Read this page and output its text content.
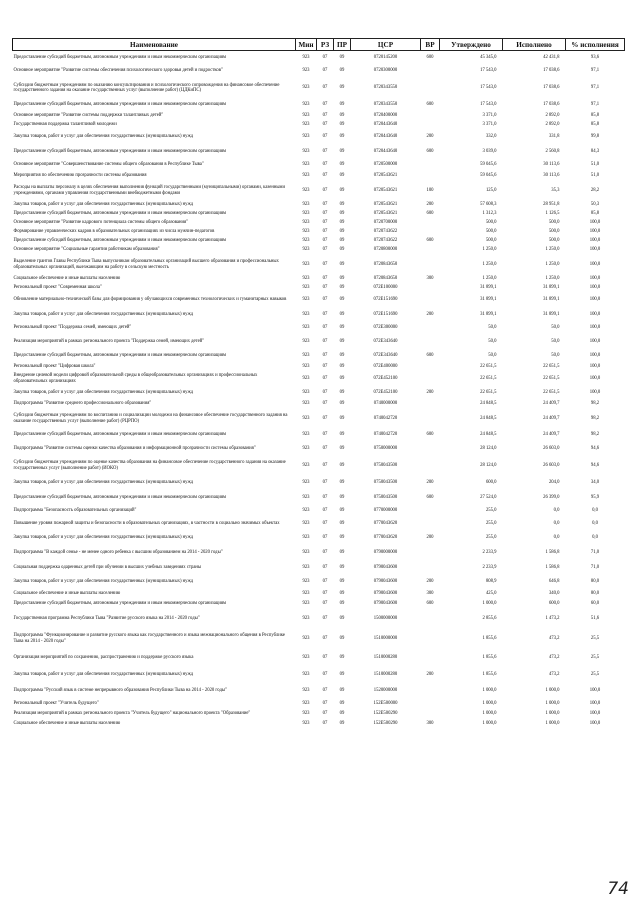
Наименование	Мин	РЗ	ПР	ЦСР	ВР	Утверждено	Исполнено	% исполнения
Предоставление субсидий бюджетным, автономным учреждениям и иным некоммерческим организациям	923	07	09	0720145200	600	45 345,0	42 431,8	93,6
Основное мероприятие "Развитие системы обеспечения психологического здоровья детей и подростков"	923	07	09	0720300000		17 543,0	17 038,6	97,1
Субсидии бюджетным учреждениям по оказанию консультирования и психологического сопровождения на финансовое обеспечение государственного задания на оказание государственных услуг (выполнение работ) (ЦДКиПС)	923	07	09	0720343550		17 543,0	17 038,6	97,1
Предоставление субсидий бюджетным, автономным учреждениям и иным некоммерческим организациям	923	07	09	0720343550	600	17 543,0	17 038,6	97,1
Основное мероприятие "Развитие системы поддержки талантливых детей"	923	07	09	0720400000		3 371,0	2 892,0	85,8
Государственная поддержка талантливой молодежи	923	07	09	0720443640		3 371,0	2 892,0	85,8
Закупка товаров, работ и услуг для обеспечения государственных (муниципальных) нужд	923	07	09	0720443640	200	332,0	331,8	99,8
Предоставление субсидий бюджетным, автономным учреждениям и иным некоммерческим организациям	923	07	09	0720443640	600	3 039,0	2 560,8	84,3
Основное мероприятие "Совершенствование системы общего образования в Республике Тыва"	923	07	09	0720500000		59 045,6	30 113,6	51,0
Мероприятия по обеспечению прозрачности системы образования	923	07	09	0720543621		59 045,6	30 113,6	51,0
Расходы на выплаты персоналу в целях обеспечения выполнения функций государственными (муниципальными) органами, казенными учреждениями, органами управления государственными внебюджетными фондами	923	07	09	0720543621	100	125,0	35,3	28,2
Закупка товаров, работ и услуг для обеспечения государственных (муниципальных) нужд	923	07	09	0720543621	200	57 608,3	28 951,8	50,3
Предоставление субсидий бюджетным, автономным учреждениям и иным некоммерческим организациям	923	07	09	0720543621	600	1 312,3	1 126,5	85,8
Основное мероприятие "Развитие кадрового потенциала системы общего образования"	923	07	09	0720700000		500,0	500,0	100,0
Формирование управленческих кадров в образовательных организациях из числа мужчин-педагогов	923	07	09	0720743622		500,0	500,0	100,0
Предоставление субсидий бюджетным, автономным учреждениям и иным некоммерческим организациям	923	07	09	0720743622	600	500,0	500,0	100,0
Основное мероприятие "Социальные гарантии работникам образования"	923	07	09	0720800000		1 250,0	1 250,0	100,0
Выделение грантов Главы Республики Тыва выпускникам образовательных организаций высшего образования и профессиональных образовательных организаций, выезжающим на работу в сельскую местность	923	07	09	0720843650		1 250,0	1 250,0	100,0
Социальное обеспечение и иные выплаты населению	923	07	09	0720843650	300	1 250,0	1 250,0	100,0
Региональный проект "Современная школа"	923	07	09	072Е100000		31 899,1	31 899,1	100,0
Обновление материально-технической базы для формирования у обучающихся современных технологических и гуманитарных навыков	923	07	09	072Е151690		31 899,1	31 899,1	100,0
Закупка товаров, работ и услуг для обеспечения государственных (муниципальных) нужд	923	07	09	072Е151690	200	31 899,1	31 899,1	100,0
Региональный проект "Поддержка семей, имеющих детей"	923	07	09	072Е300000		50,0	50,0	100,0
Реализация мероприятий в рамках регионального проекта "Поддержка семей, имеющих детей"	923	07	09	072Е343640		50,0	50,0	100,0
Предоставление субсидий бюджетным, автономным учреждениям и иным некоммерческим организациям	923	07	09	072Е343640	600	50,0	50,0	100,0
Региональный проект "Цифровая школа"	923	07	09	072Е400000		22 651,5	22 651,5	100,0
Внедрение целевой модели цифровой образовательной среды в общеобразовательных организациях и профессиональных образовательных организациях	923	07	09	072Е452100		22 651,5	22 651,5	100,0
Закупка товаров, работ и услуг для обеспечения государственных (муниципальных) нужд	923	07	09	072Е452100	200	22 651,5	22 651,5	100,0
Подпрограмма "Развитие среднего профессионального образования"	923	07	09	0740000000		24 848,5	24 409,7	98,2
Субсидии бюджетным учреждениям по воспитанию и социализации молодежи на финансовое обеспечение государственного задания на оказание государственных услуг (выполнение работ) (РЦРПО)	923	07	09	0740042720		24 848,5	24 409,7	98,2
Предоставление субсидий бюджетным, автономным учреждениям и иным некоммерческим организациям	923	07	09	0740042720	600	24 848,5	24 409,7	98,2
Подпрограмма "Развитие системы оценки качества образования и информационной прозрачности системы образования"	923	07	09	0750000000		28 124,0	26 603,0	94,6
Субсидии бюджетным учреждениям по оценке качества образования на финансовое обеспечение государственного задания на оказание государственных услуг (выполнение работ) (ИОКО)	923	07	09	0750043500		28 124,0	26 603,0	94,6
Закупка товаров, работ и услуг для обеспечения государственных (муниципальных) нужд	923	07	09	0750043500	200	600,0	204,0	34,0
Предоставление субсидий бюджетным, автономным учреждениям и иным некоммерческим организациям	923	07	09	0750043500	600	27 524,0	26 399,0	95,9
Подпрограмма "Безопасность образовательных организаций"	923	07	09	0770000000		255,0	0,0	0,0
Повышение уровня пожарной защиты и безопасности в образовательных организациях, в частности в социально значимых объектах	923	07	09	0770043620		255,0	0,0	0,0
Закупка товаров, работ и услуг для обеспечения государственных (муниципальных) нужд	923	07	09	0770043620	200	255,0	0,0	0,0
Подпрограмма "В каждой семье - не менее одного ребенка с высшим образованием на 2014 - 2020 годы"	923	07	09	0790000000		2 233,9	1 586,8	71,0
Социальная поддержка одаренных детей при обучении в высших учебных заведениях страны	923	07	09	0790043600		2 233,9	1 586,8	71,0
Закупка товаров, работ и услуг для обеспечения государственных (муниципальных) нужд	923	07	09	0790043600	200	808,9	646,8	80,0
Социальное обеспечение и иные выплаты населению	923	07	09	0790043600	300	425,0	340,0	80,0
Предоставление субсидий бюджетным, автономным учреждениям и иным некоммерческим организациям	923	07	09	0790043600	600	1 000,0	600,0	60,0
Государственная программа Республики Тыва "Развитие русского языка на 2014 - 2020 годы"	923	07	09	1500000000		2 855,6	1 473,2	51,6
Подпрограмма "Функционирование и развитие русского языка как государственного и языка межнационального общения в Республике Тыва на 2014 - 2020 годы"	923	07	09	1510000000		1 855,6	473,2	25,5
Организация мероприятий по сохранению, распространению и поддержке русского языка	923	07	09	1510000280		1 855,6	473,2	25,5
Закупка товаров, работ и услуг для обеспечения государственных (муниципальных) нужд	923	07	09	1510000280	200	1 855,6	473,2	25,5
Подпрограмма "Русский язык в системе непрерывного образования Республики Тыва на 2014 - 2020 годы"	923	07	09	1520000000		1 000,0	1 000,0	100,0
Региональный проект "Учитель будущего"	923	07	09	152Е500000		1 000,0	1 000,0	100,0
Реализация мероприятий в рамках регионального проекта "Учитель будущего" национального проекта "Образование"	923	07	09	152Е500290		1 000,0	1 000,0	100,0
Социальное обеспечение и иные выплаты населению	923	07	09	152Е500290	300	1 000,0	1 000,0	100,0
74
